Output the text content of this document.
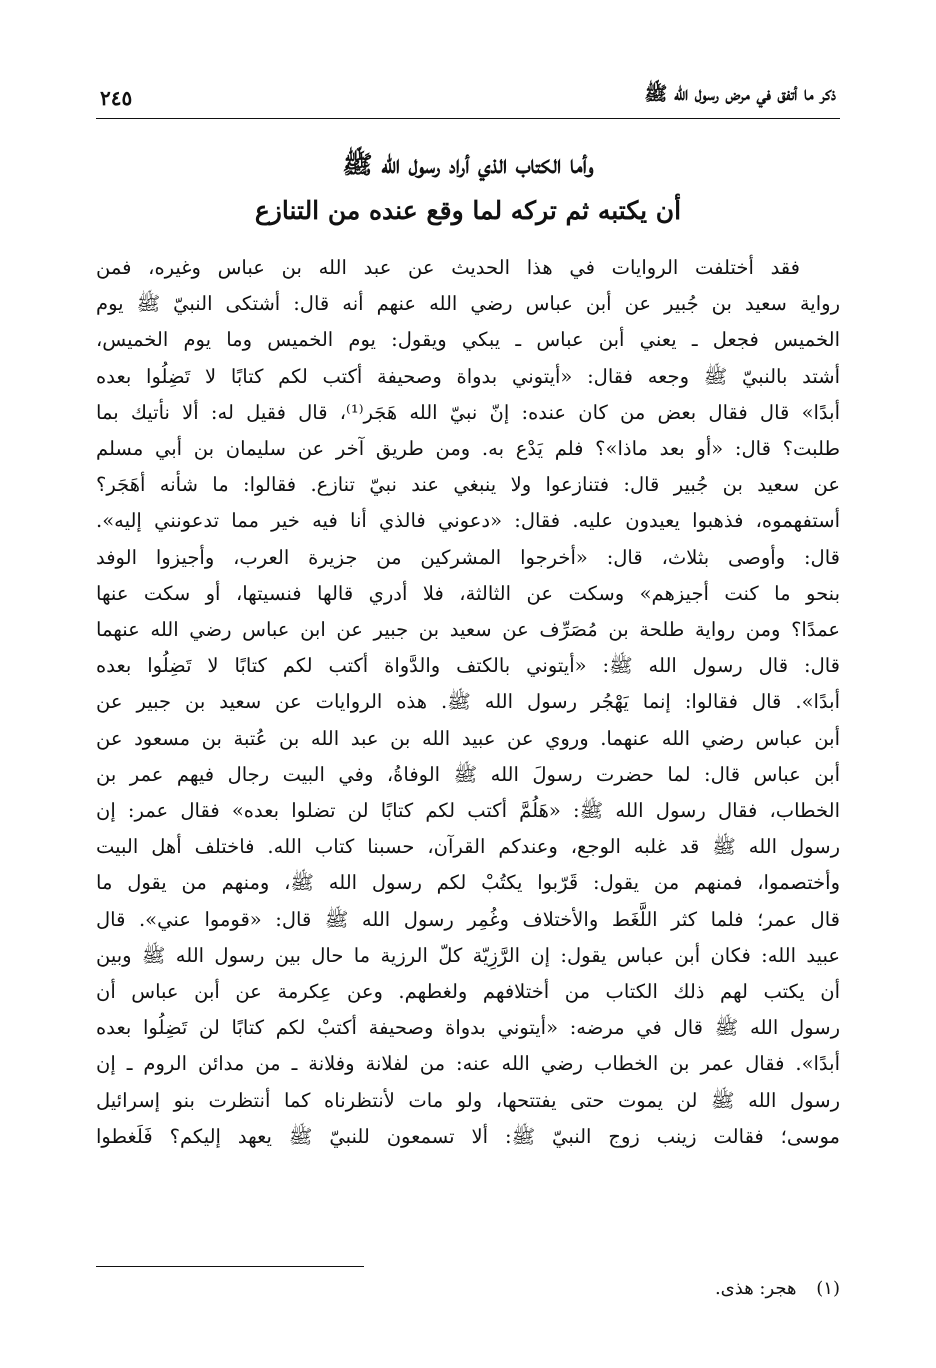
ذكر ما أتفق في مرض رسول الله ﷺ
٢٤٥
وأما الكتاب الذي أراد رسول الله ﷺ
أن يكتبه ثم تركه لما وقع عنده من التنازع
فقد أختلفت الروايات في هذا الحديث عن عبد الله بن عباس وغيره، فمن
رواية سعيد بن جُبير عن أبن عباس رضي الله عنهم أنه قال: أشتكى النبيّ ﷺ يوم
الخميس فجعل ـ يعني أبن عباس ـ يبكي ويقول: يوم الخميس وما يوم الخميس،
أشتد بالنبيّ ﷺ وجعه فقال: «أيتوني بدواة وصحيفة أكتب لكم كتابًا لا تَضِلُوا بعده
أبدًا» قال فقال بعض من كان عنده: إنّ نبيّ الله هَجَر⁽¹⁾، قال فقيل له: ألا نأتيك بما
طلبت؟ قال: «أو بعد ماذا»؟ فلم يَدْع به. ومن طريق آخر عن سليمان بن أبي مسلم
عن سعيد بن جُبير قال: فتنازعوا ولا ينبغي عند نبيّ تنازع. فقالوا: ما شأنه أهَجَر؟
أستفهموه، فذهبوا يعيدون عليه. فقال: «دعوني فالذي أنا فيه خير مما تدعونني إليه».
قال: وأوصى بثلاث، قال: «أخرجوا المشركين من جزيرة العرب، وأجيزوا الوفد
بنحو ما كنت أجيزهم» وسكت عن الثالثة، فلا أدري قالها فنسيتها، أو سكت عنها
عمدًا؟ ومن رواية طلحة بن مُصَرِّف عن سعيد بن جبير عن ابن عباس رضي الله عنهما
قال: قال رسول الله ﷺ: «أيتوني بالكتف والدَّواة أكتب لكم كتابًا لا تَضِلُوا بعده
أبدًا». قال فقالوا: إنما يَهْجُر رسول الله ﷺ. هذه الروايات عن سعيد بن جبير عن
أبن عباس رضي الله عنهما. وروي عن عبيد الله بن عبد الله بن عُتبة بن مسعود عن
أبن عباس قال: لما حضرت رسولَ الله ﷺ الوفاةُ، وفي البيت رجال فيهم عمر بن
الخطاب، فقال رسول الله ﷺ: «هَلُمَّ أكتب لكم كتابًا لن تضلوا بعده» فقال عمر: إن
رسول الله ﷺ قد غلبه الوجع، وعندكم القرآن، حسبنا كتاب الله. فاختلف أهل البيت
وأختصموا، فمنهم من يقول: قَرّبوا يكتُبْ لكم رسول الله ﷺ، ومنهم من يقول ما
قال عمر؛ فلما كثر اللَّغَط والأختلاف وغُمِر رسول الله ﷺ قال: «قوموا عني». قال
عبيد الله: فكان أبن عباس يقول: إن الرَّزِيّة كلّ الرزية ما حال بين رسول الله ﷺ وبين
أن يكتب لهم ذلك الكتاب من أختلافهم ولغطهم. وعن عِكرمة عن أبن عباس أن
رسول الله ﷺ قال في مرضه: «أيتوني بدواة وصحيفة أكتبْ لكم كتابًا لن تَضِلُوا بعده
أبدًا». فقال عمر بن الخطاب رضي الله عنه: من لفلانة وفلانة ـ من مدائن الروم ـ إن
رسول الله ﷺ لن يموت حتى يفتتحها، ولو مات لأنتظرناه كما أنتظرت بنو إسرائيل
موسى؛ فقالت زينب زوج النبيّ ﷺ: ألا تسمعون للنبيّ ﷺ يعهد إليكم؟ فَلَغطوا
(١) هجر: هذى.
